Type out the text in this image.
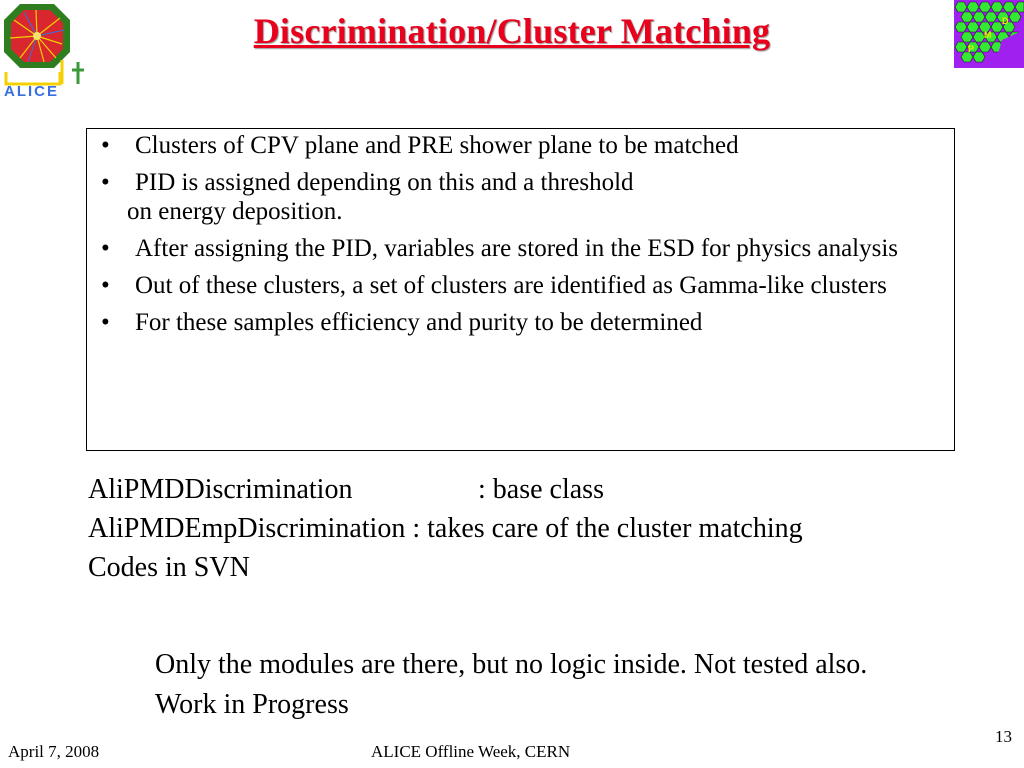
Discrimination/Cluster Matching
ALICE
P
M
D
• Clusters of CPV plane and PRE shower plane to be matched
• PID is assigned depending on this and a threshold
on energy deposition.
• After assigning the PID, variables are stored in the ESD for physics analysis
• Out of these clusters, a set of clusters are identified as Gamma-like clusters
• For these samples efficiency and purity to be determined
AliPMDDiscrimination	: base class
AliPMDEmpDiscrimination : takes care of the cluster matching
Codes in SVN
Only the modules are there, but no logic inside. Not tested also. Work in Progress
April 7, 2008	ALICE Offline Week, CERN
13
